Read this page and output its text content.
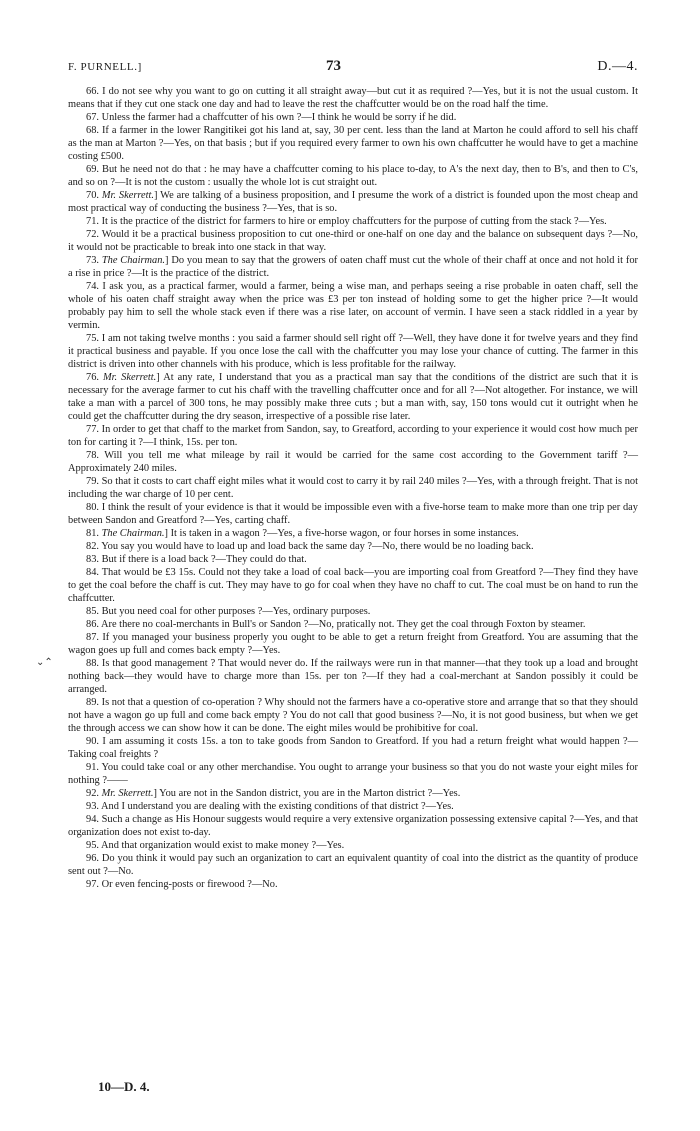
F. PURNELL.]	73	D.—4.
⌄⌃

66. I do not see why you want to go on cutting it all straight away—but cut it as required ?—Yes, but it is not the usual custom. It means that if they cut one stack one day and had to leave the rest the chaffcutter would be on the road half the time.

67. Unless the farmer had a chaffcutter of his own ?—I think he would be sorry if he did.

68. If a farmer in the lower Rangitikei got his land at, say, 30 per cent. less than the land at Marton he could afford to sell his chaff as the man at Marton ?—Yes, on that basis ; but if you required every farmer to own his own chaffcutter he would have to get a machine costing £500.

69. But he need not do that : he may have a chaffcutter coming to his place to-day, to A's the next day, then to B's, and then to C's, and so on ?—It is not the custom : usually the whole lot is cut straight out.

70. Mr. Skerrett.] We are talking of a business proposition, and I presume the work of a district is founded upon the most cheap and most practical way of conducting the business ?—Yes, that is so.

71. It is the practice of the district for farmers to hire or employ chaffcutters for the purpose of cutting from the stack ?—Yes.

72. Would it be a practical business proposition to cut one-third or one-half on one day and the balance on subsequent days ?—No, it would not be practicable to break into one stack in that way.

73. The Chairman.] Do you mean to say that the growers of oaten chaff must cut the whole of their chaff at once and not hold it for a rise in price ?—It is the practice of the district.

74. I ask you, as a practical farmer, would a farmer, being a wise man, and perhaps seeing a rise probable in oaten chaff, sell the whole of his oaten chaff straight away when the price was £3 per ton instead of holding some to get the higher price ?—It would probably pay him to sell the whole stack even if there was a rise later, on account of vermin. I have seen a stack riddled in a year by vermin.

75. I am not taking twelve months : you said a farmer should sell right off ?—Well, they have done it for twelve years and they find it practical business and payable. If you once lose the call with the chaffcutter you may lose your chance of cutting. The farmer in this district is driven into other channels with his produce, which is less profitable for the railway.

76. Mr. Skerrett.] At any rate, I understand that you as a practical man say that the conditions of the district are such that it is necessary for the average farmer to cut his chaff with the travelling chaffcutter once and for all ?—Not altogether. For instance, we will take a man with a parcel of 300 tons, he may possibly make three cuts ; but a man with, say, 150 tons would cut it outright when he could get the chaffcutter during the dry season, irrespective of a possible rise later.

77. In order to get that chaff to the market from Sandon, say, to Greatford, according to your experience it would cost how much per ton for carting it ?—I think, 15s. per ton.

78. Will you tell me what mileage by rail it would be carried for the same cost according to the Government tariff ?—Approximately 240 miles.

79. So that it costs to cart chaff eight miles what it would cost to carry it by rail 240 miles ?—Yes, with a through freight. That is not including the war charge of 10 per cent.

80. I think the result of your evidence is that it would be impossible even with a five-horse team to make more than one trip per day between Sandon and Greatford ?—Yes, carting chaff.

81. The Chairman.] It is taken in a wagon ?—Yes, a five-horse wagon, or four horses in some instances.

82. You say you would have to load up and load back the same day ?—No, there would be no loading back.

83. But if there is a load back ?—They could do that.

84. That would be £3 15s. Could not they take a load of coal back—you are importing coal from Greatford ?—They find they have to get the coal before the chaff is cut. They may have to go for coal when they have no chaff to cut. The coal must be on hand to run the chaffcutter.

85. But you need coal for other purposes ?—Yes, ordinary purposes.

86. Are there no coal-merchants in Bull's or Sandon ?—No, pratically not. They get the coal through Foxton by steamer.

87. If you managed your business properly you ought to be able to get a return freight from Greatford. You are assuming that the wagon goes up full and comes back empty ?—Yes.

88. Is that good management ? That would never do. If the railways were run in that manner—that they took up a load and brought nothing back—they would have to charge more than 15s. per ton ?—If they had a coal-merchant at Sandon possibly it could be arranged.

89. Is not that a question of co-operation ? Why should not the farmers have a co-operative store and arrange that so that they should not have a wagon go up full and come back empty ? You do not call that good business ?—No, it is not good business, but when we get the through access we can show how it can be done. The eight miles would be prohibitive for coal.

90. I am assuming it costs 15s. a ton to take goods from Sandon to Greatford. If you had a return freight what would happen ?—Taking coal freights ?

91. You could take coal or any other merchandise. You ought to arrange your business so that you do not waste your eight miles for nothing ?——

92. Mr. Skerrett.] You are not in the Sandon district, you are in the Marton district ?—Yes.

93. And I understand you are dealing with the existing conditions of that district ?—Yes.

94. Such a change as His Honour suggests would require a very extensive organization possessing extensive capital ?—Yes, and that organization does not exist to-day.

95. And that organization would exist to make money ?—Yes.

96. Do you think it would pay such an organization to cart an equivalent quantity of coal into the district as the quantity of produce sent out ?—No.

97. Or even fencing-posts or firewood ?—No.

10—D. 4.
